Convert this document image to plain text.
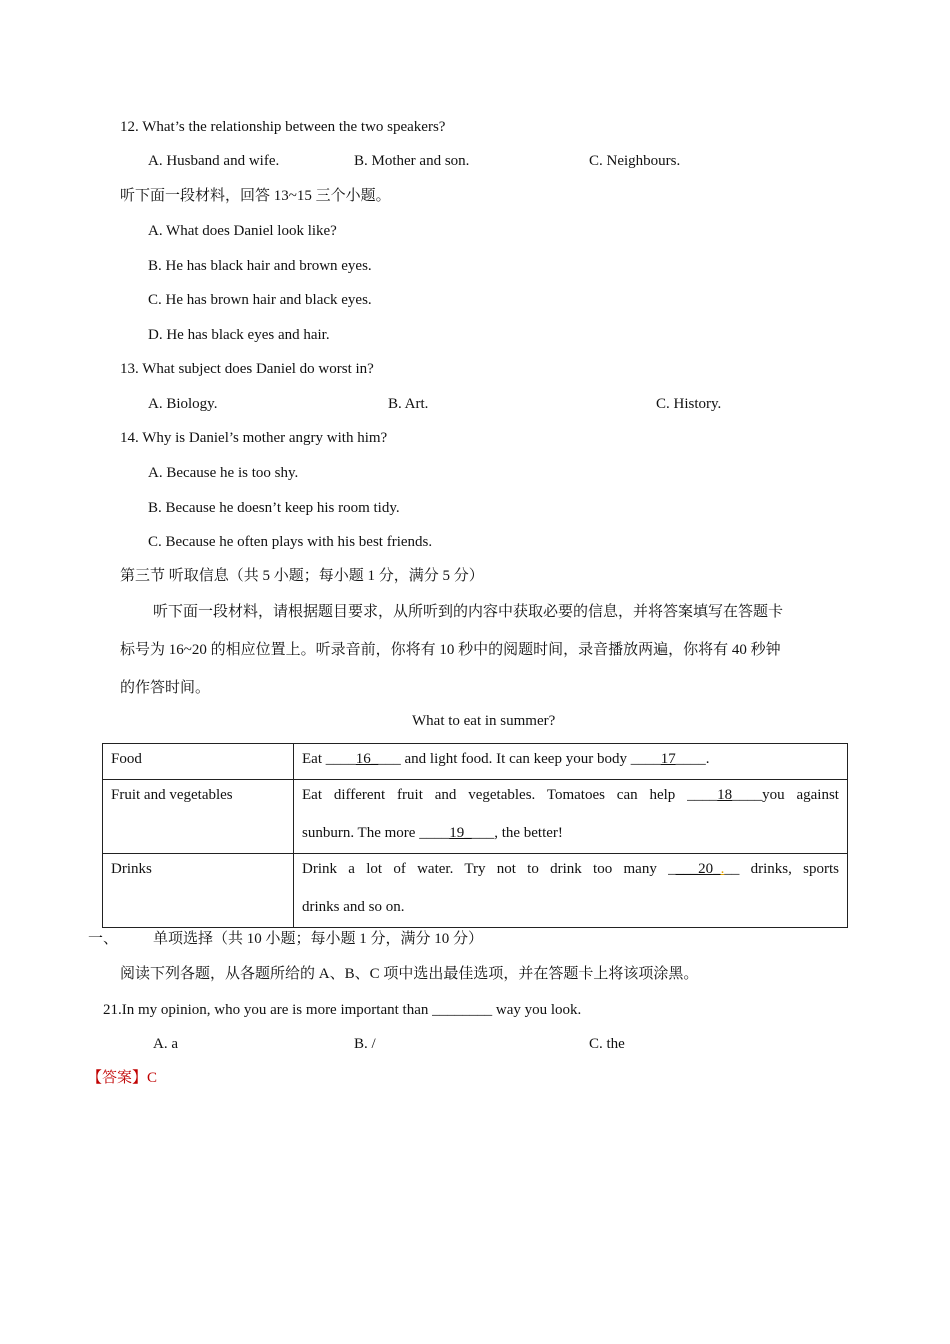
12. What’s the relationship between the two speakers?
A. Husband and wife.	B. Mother and son.	C. Neighbours.
听下面一段材料，回答 13~15 三个小题。
A. What does Daniel look like?
B. He has black hair and brown eyes.
C. He has brown hair and black eyes.
D. He has black eyes and hair.
13. What subject does Daniel do worst in?
A. Biology.	B. Art.	C. History.
14. Why is Daniel’s mother angry with him?
A. Because he is too shy.
B. Because he doesn’t keep his room tidy.
C. Because he often plays with his best friends.
第三节 听取信息（共 5 小题；每小题 1 分，满分 5 分）
听下面一段材料，请根据题目要求，从所听到的内容中获取必要的信息，并将答案填写在答题卡
标号为 16~20 的相应位置上。听录音前，你将有 10 秒中的阅题时间，录音播放两遍，你将有 40 秒钟
的作答时间。
What to eat in summer?
Food	Eat ____16____ and light food. It can keep your body ____17____.

Fruit and vegetables	Eat different fruit and vegetables. Tomatoes can help ____18____you against
sunburn. The more ____19____, the better!

Drinks	Drink a lot of water. Try not to drink too many ____20_.__ drinks, sports
drinks and so on.
一、 单项选择（共 10 小题；每小题 1 分，满分 10 分）
阅读下列各题，从各题所给的 A、B、C 项中选出最佳选项，并在答题卡上将该项涂黑。
21.In my opinion, who you are is more important than ________ way you look.
A. a	B. /	C. the
【答案】C
